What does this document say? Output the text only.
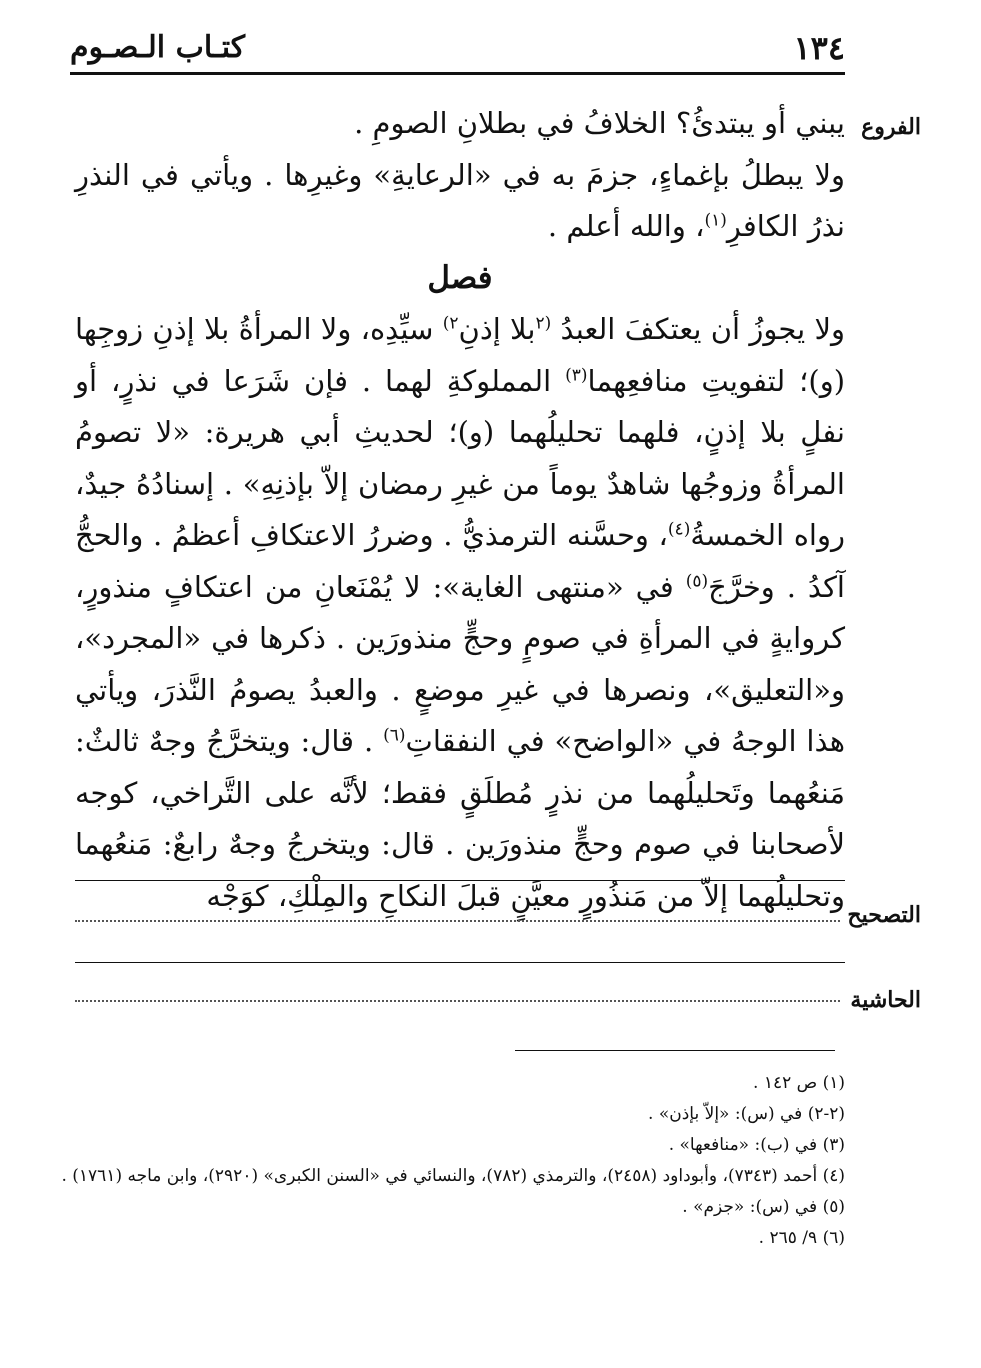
١٣٤
كتـاب الـصـوم
الفروع

يبني أو يبتدئُ؟ الخلافُ في بطلانِ الصومِ .

ولا يبطلُ بإغماءٍ، جزمَ به في «الرعايةِ» وغيرِها . ويأتي في النذرِ نذرُ الكافرِ$^{(١)}$، والله أعلم .

فصل

ولا يجوزُ أن يعتكفَ العبدُ $^{(٢}$بلا إذنِ$^{٢)}$ سيِّدِه، ولا المرأةُ بلا إذنِ زوجِها (و)؛ لتفويتِ منافعِهما$^{(٣)}$ المملوكةِ لهما . فإن شَرَعا في نذرٍ، أو نفلٍ بلا إذنٍ، فلهما تحليلُهما (و)؛ لحديثِ أبي هريرة: «لا تصومُ المرأةُ وزوجُها شاهدٌ يوماً من غيرِ رمضان إلاّ بإذنِهِ» . إسنادُهُ جيدٌ، رواه الخمسةُ$^{(٤)}$، وحسَّنه الترمذيُّ . وضررُ الاعتكافِ أعظمُ . والحجُّ آكدُ . وخرَّجَ$^{(٥)}$ في «منتهى الغاية»: لا يُمْنَعانِ من اعتكافٍ منذورٍ، كروايةٍ في المرأةِ في صومٍ وحجٍّ منذورَين . ذكرها في «المجرد»، و«التعليق»، ونصرها في غيرِ موضعٍ . والعبدُ يصومُ النَّذرَ، ويأتي هذا الوجهُ في «الواضح» في النفقاتِ$^{(٦)}$ . قال: ويتخرَّجُ وجهٌ ثالثٌ: مَنعُهما وتَحليلُهما من نذرٍ مُطلَقٍ فقط؛ لأنَّه على التَّراخي، كوجه لأصحابنا في صوم وحجٍّ منذورَين . قال: ويتخرجُ وجهٌ رابعٌ: مَنعُهما وتحليلُهما إلاّ من مَنذُورٍ معيَّنٍ قبلَ النكاحِ والمِلْكِ، كوَجْه

التصحيح
الحاشية
(١) ص ١٤٢ .
(٢-٢) في (س): «إلاّ بإذن» .
(٣) في (ب): «منافعها» .
(٤) أحمد (٧٣٤٣)، وأبوداود (٢٤٥٨)، والترمذي (٧٨٢)، والنسائي في «السنن الكبرى» (٢٩٢٠)، وابن ماجه (١٧٦١) .
(٥) في (س): «جزم» .
(٦) ٩/ ٢٦٥ .
